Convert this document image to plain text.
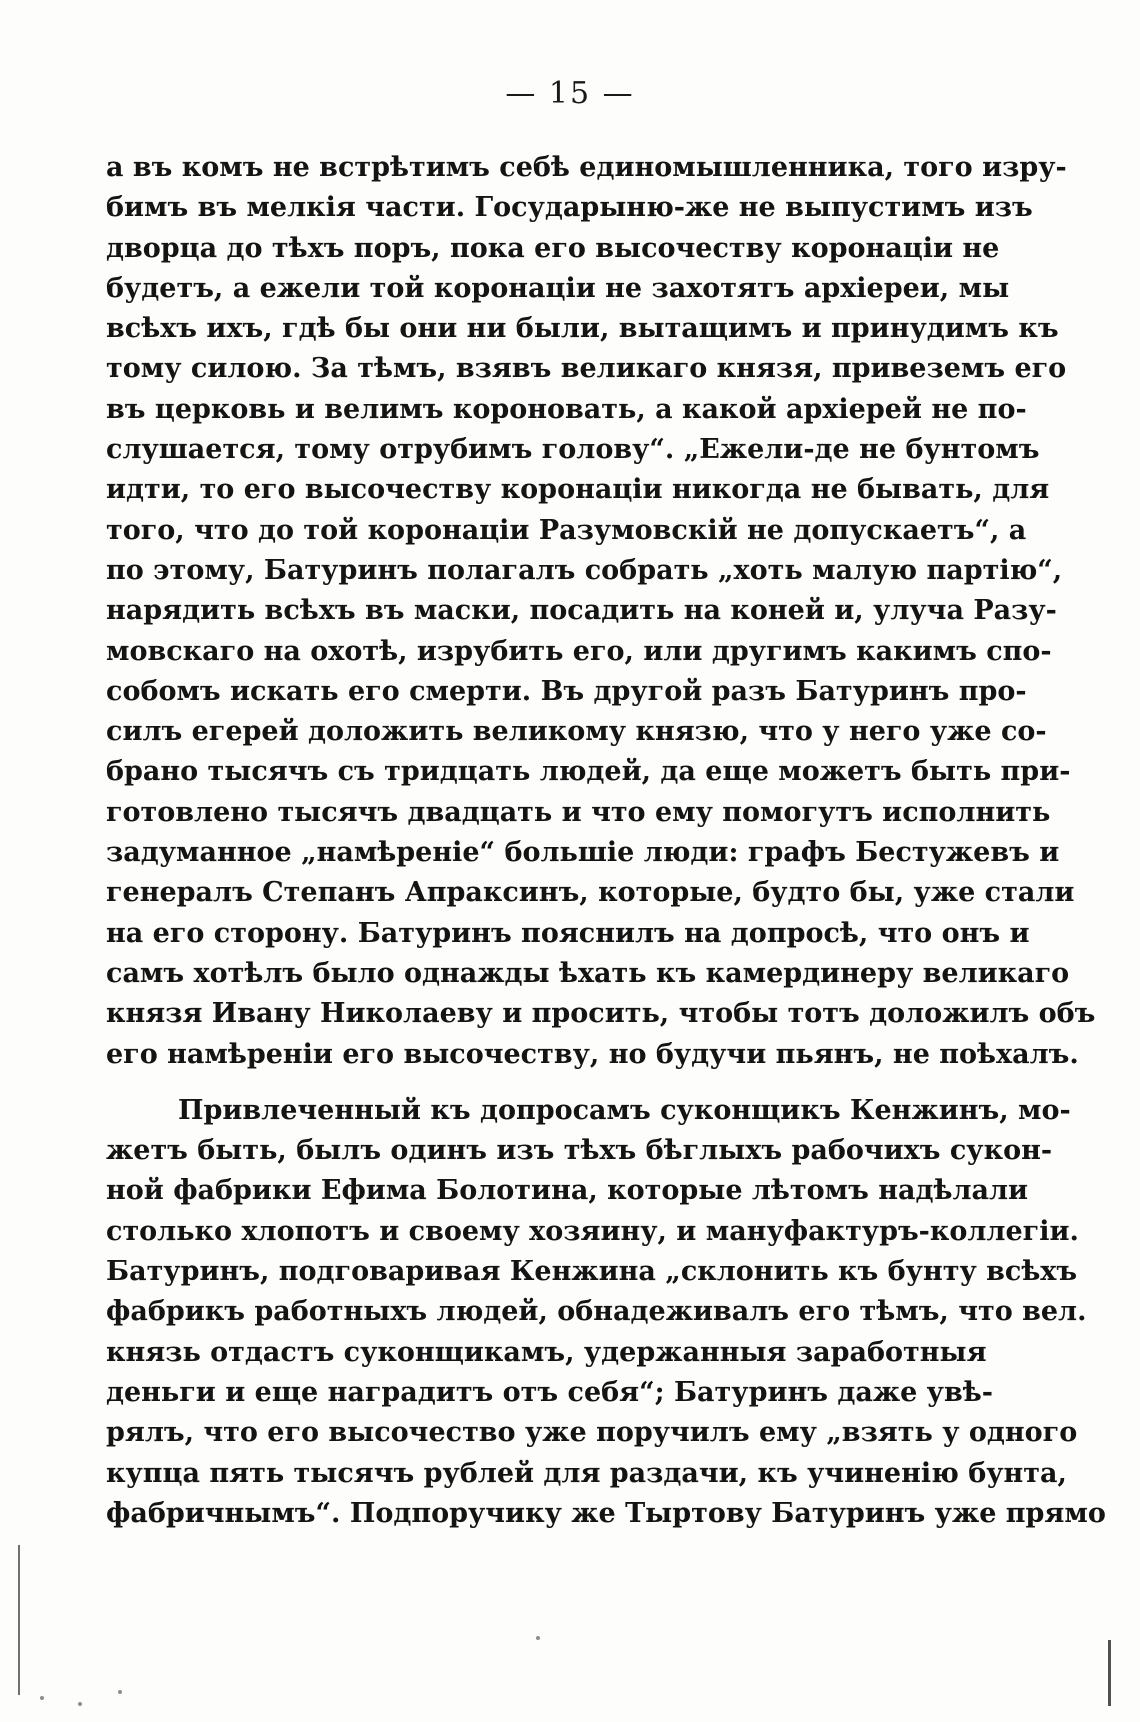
— 15 —
а въ комъ не встрѣтимъ себѣ единомышленника, того изру-
бимъ въ мелкія части. Государыню-же не выпустимъ изъ
дворца до тѣхъ поръ, пока его высочеству коронаціи не
будетъ, а ежели той коронаціи не захотятъ архіереи, мы
всѣхъ ихъ, гдѣ бы они ни были, вытащимъ и принудимъ къ
тому силою. За тѣмъ, взявъ великаго князя, привеземъ его
въ церковь и велимъ короновать, а какой архіерей не по-
слушается, тому отрубимъ голову“. „Ежели-де не бунтомъ
идти, то его высочеству коронаціи никогда не бывать, для
того, что до той коронаціи Разумовскій не допускаетъ“, а
по этому, Батуринъ полагалъ собрать „хоть малую партію“,
нарядить всѣхъ въ маски, посадить на коней и, улуча Разу-
мовскаго на охотѣ, изрубить его, или другимъ какимъ спо-
собомъ искать его смерти. Въ другой разъ Батуринъ про-
силъ егерей доложить великому князю, что у него уже со-
брано тысячъ съ тридцать людей, да еще можетъ быть при-
готовлено тысячъ двадцать и что ему помогутъ исполнить
задуманное „намѣреніе“ большіе люди: графъ Бестужевъ и
генералъ Степанъ Апраксинъ, которые, будто бы, уже стали
на его сторону. Батуринъ пояснилъ на допросѣ, что онъ и
самъ хотѣлъ было однажды ѣхать къ камердинеру великаго
князя Ивану Николаеву и просить, чтобы тотъ доложилъ объ
его намѣреніи его высочеству, но будучи пьянъ, не поѣхалъ.
Привлеченный къ допросамъ суконщикъ Кенжинъ, мо-
жетъ быть, былъ одинъ изъ тѣхъ бѣглыхъ рабочихъ сукон-
ной фабрики Ефима Болотина, которые лѣтомъ надѣлали
столько хлопотъ и своему хозяину, и мануфактуръ-коллегіи.
Батуринъ, подговаривая Кенжина „склонить къ бунту всѣхъ
фабрикъ работныхъ людей, обнадеживалъ его тѣмъ, что вел.
князь отдастъ суконщикамъ, удержанныя заработныя
деньги и еще наградитъ отъ себя“; Батуринъ даже увѣ-
рялъ, что его высочество уже поручилъ ему „взять у одного
купца пять тысячъ рублей для раздачи, къ учиненію бунта,
фабричнымъ“. Подпоручику же Тыртову Батуринъ уже прямо
